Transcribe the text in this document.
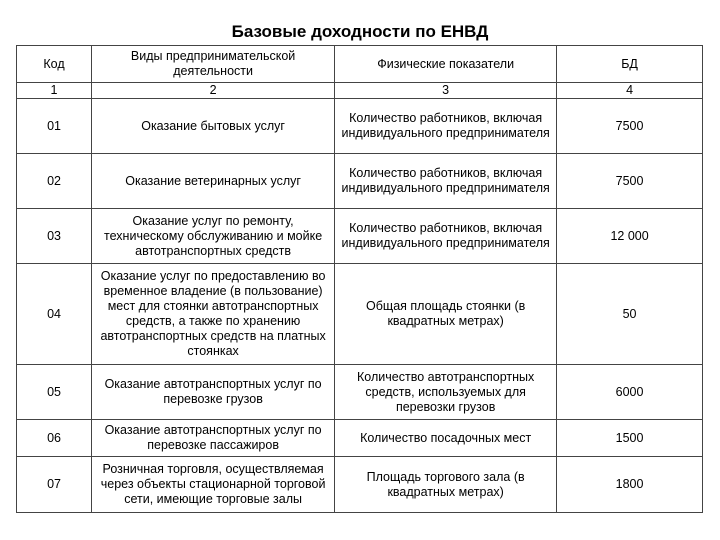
Базовые доходности по ЕНВД
Код	Виды предпринимательской деятельности	Физические показатели	БД
1	2	3	4
01	Оказание бытовых услуг	Количество работников, включая индивидуального предпринимателя	7500
02	Оказание ветеринарных услуг	Количество работников, включая индивидуального предпринимателя	7500
03	Оказание услуг по ремонту, техническому обслуживанию и мойке автотранспортных средств	Количество работников, включая индивидуального предпринимателя	12 000
04	Оказание услуг по предоставлению во временное владение (в пользование) мест для стоянки автотранспортных средств, а также по хранению автотранспортных средств на платных стоянках	Общая площадь стоянки (в квадратных метрах)	50
05	Оказание автотранспортных услуг по перевозке грузов	Количество автотранспортных средств, используемых для перевозки грузов	6000
06	Оказание автотранспортных услуг по перевозке пассажиров	Количество посадочных мест	1500
07	Розничная торговля, осуществляемая через объекты стационарной торговой сети, имеющие торговые залы	Площадь торгового зала (в квадратных метрах)	1800
